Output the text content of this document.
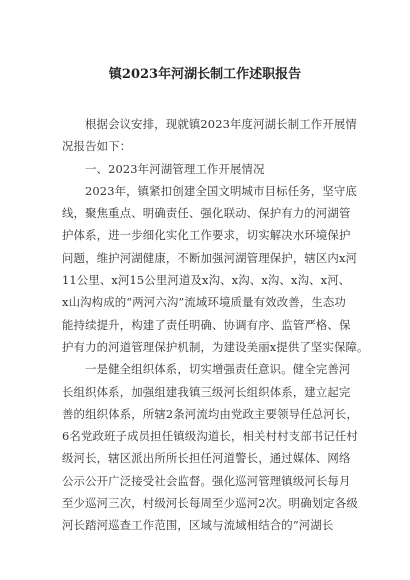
镇2023年河湖长制工作述职报告
根据会议安排，现就镇2023年度河湖长制工作开展情
况报告如下：
一、2023年河湖管理工作开展情况
2023年，镇紧扣创建全国文明城市目标任务，坚守底
线，聚焦重点、明确责任、强化联动、保护有力的河湖管
护体系，进一步细化实化工作要求，切实解决水环境保护
问题，维护河湖健康，不断加强河湖管理保护，辖区内x河
11公里、x河15公里河道及x沟、x沟、x沟、x沟、x河、
x山沟构成的“两河六沟”流域环境质量有效改善，生态功
能持续提升，构建了责任明确、协调有序、监管严格、保
护有力的河道管理保护机制，为建设美丽x提供了坚实保障。
一是健全组织体系，切实增强责任意识。健全完善河
长组织体系，加强组建我镇三级河长组织体系，建立起完
善的组织体系，所辖2条河流均由党政主要领导任总河长，
6名党政班子成员担任镇级沟道长，相关村村支部书记任村
级河长，辖区派出所所长担任河道警长，通过媒体、网络
公示公开广泛接受社会监督。强化巡河管理镇级河长每月
至少巡河三次，村级河长每周至少巡河2次。明确划定各级
河长踏河巡查工作范围，区域与流域相结合的“河湖长
